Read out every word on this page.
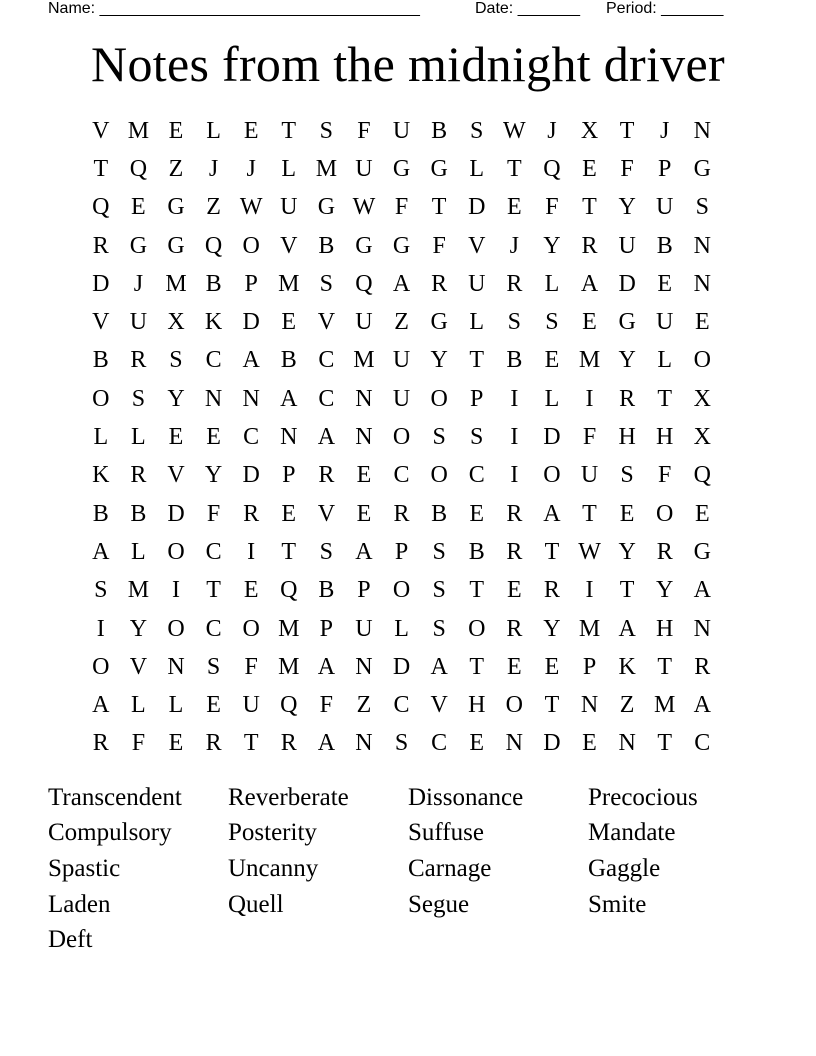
Name: ____________________________________	Date: _______ Period: _______
Notes from the midnight driver
V M E L E T S	F U B S W J	X T	J	N
T Q Z	J	J	L M U G G L T Q E F	P G
Q E G Z W U G W F T D E F T Y U S
R G G Q O V B G G F V	J	Y R U B N
D	J M B P M S Q A R U R L A D E N
V U X K D E V U Z G L S	S E G U E
B R S C A B C M U Y T B E M Y L O
O S Y N N A C N U O P	I	L	I	R T X
L L E E C N A N O S	S	I	D F H H X
K R V Y D P R E C O C	I	O U S	F Q
B B D F R E V E R B E R A T E O E
A L O C	I	T S A P	S B R T W Y R G
S M I	T E Q B P O S T E R	I	T Y A
I	Y O C O M P U L S O R Y M A H N
O V N S	F M A N D A T E E P K T R
A L L E U Q F Z C V H O T N Z M A
R F E R T R A N S C E N D E N T C
Transcendent	Reverberate	Dissonance	Precocious
Compulsory	Posterity	Suffuse	Mandate
Spastic	Uncanny	Carnage	Gaggle
Laden	Quell	Segue	Smite
Deft
